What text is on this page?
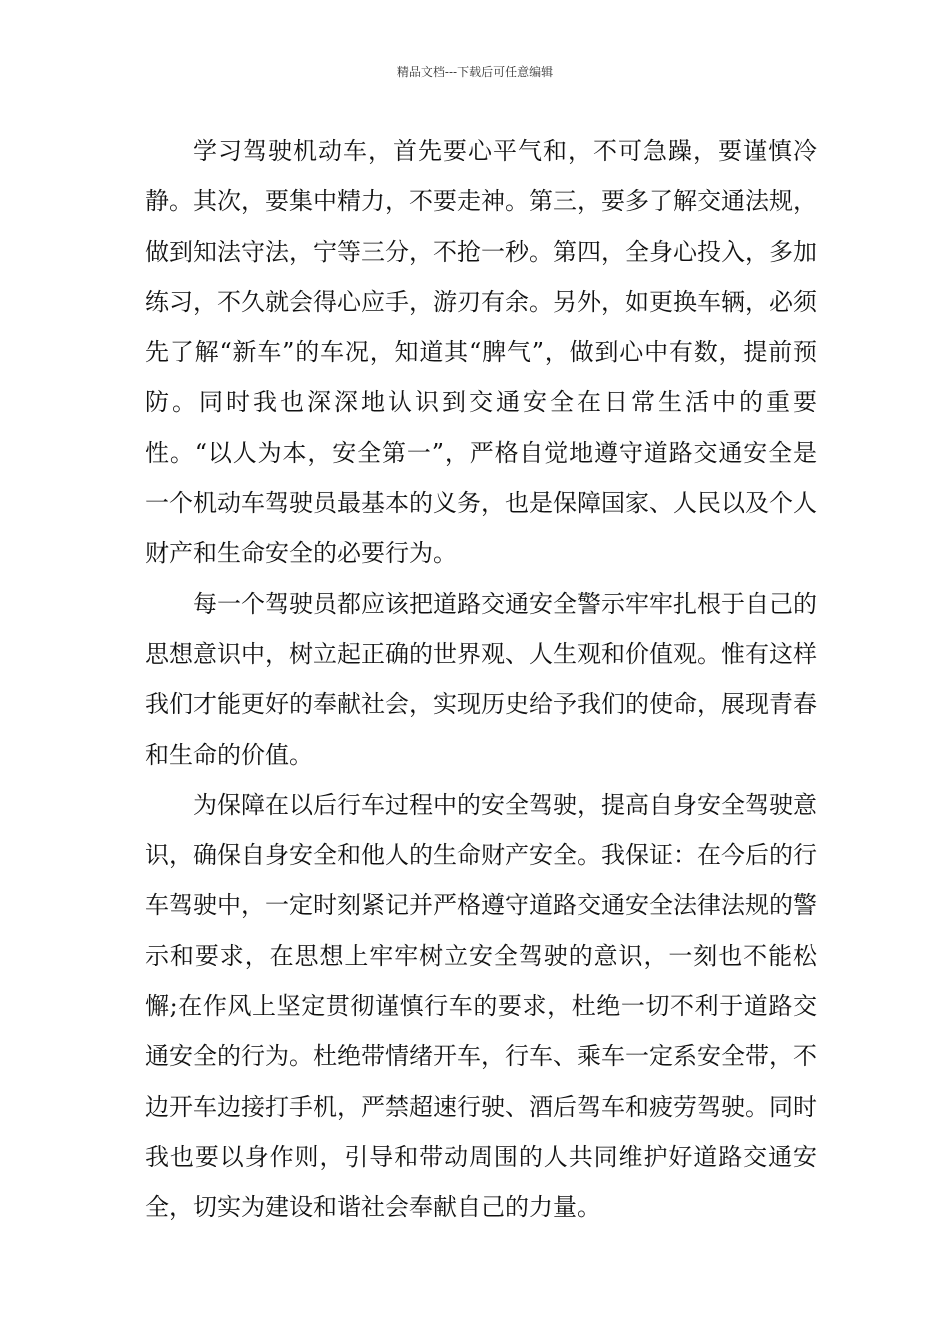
精品文档---下载后可任意编辑

学习驾驶机动车，首先要心平气和，不可急躁，要谨慎冷静。其次，要集中精力，不要走神。第三，要多了解交通法规，做到知法守法，宁等三分，不抢一秒。第四，全身心投入，多加练习，不久就会得心应手，游刃有余。另外，如更换车辆，必须先了解“新车”的车况，知道其“脾气”，做到心中有数，提前预防。同时我也深深地认识到交通安全在日常生活中的重要性。“以人为本，安全第一”，严格自觉地遵守道路交通安全是一个机动车驾驶员最基本的义务，也是保障国家、人民以及个人财产和生命安全的必要行为。

每一个驾驶员都应该把道路交通安全警示牢牢扎根于自己的思想意识中，树立起正确的世界观、人生观和价值观。惟有这样我们才能更好的奉献社会，实现历史给予我们的使命，展现青春和生命的价值。

为保障在以后行车过程中的安全驾驶，提高自身安全驾驶意识，确保自身安全和他人的生命财产安全。我保证：在今后的行车驾驶中，一定时刻紧记并严格遵守道路交通安全法律法规的警示和要求，在思想上牢牢树立安全驾驶的意识，一刻也不能松懈;在作风上坚定贯彻谨慎行车的要求，杜绝一切不利于道路交通安全的行为。杜绝带情绪开车，行车、乘车一定系安全带，不边开车边接打手机，严禁超速行驶、酒后驾车和疲劳驾驶。同时我也要以身作则，引导和带动周围的人共同维护好道路交通安全，切实为建设和谐社会奉献自己的力量。
